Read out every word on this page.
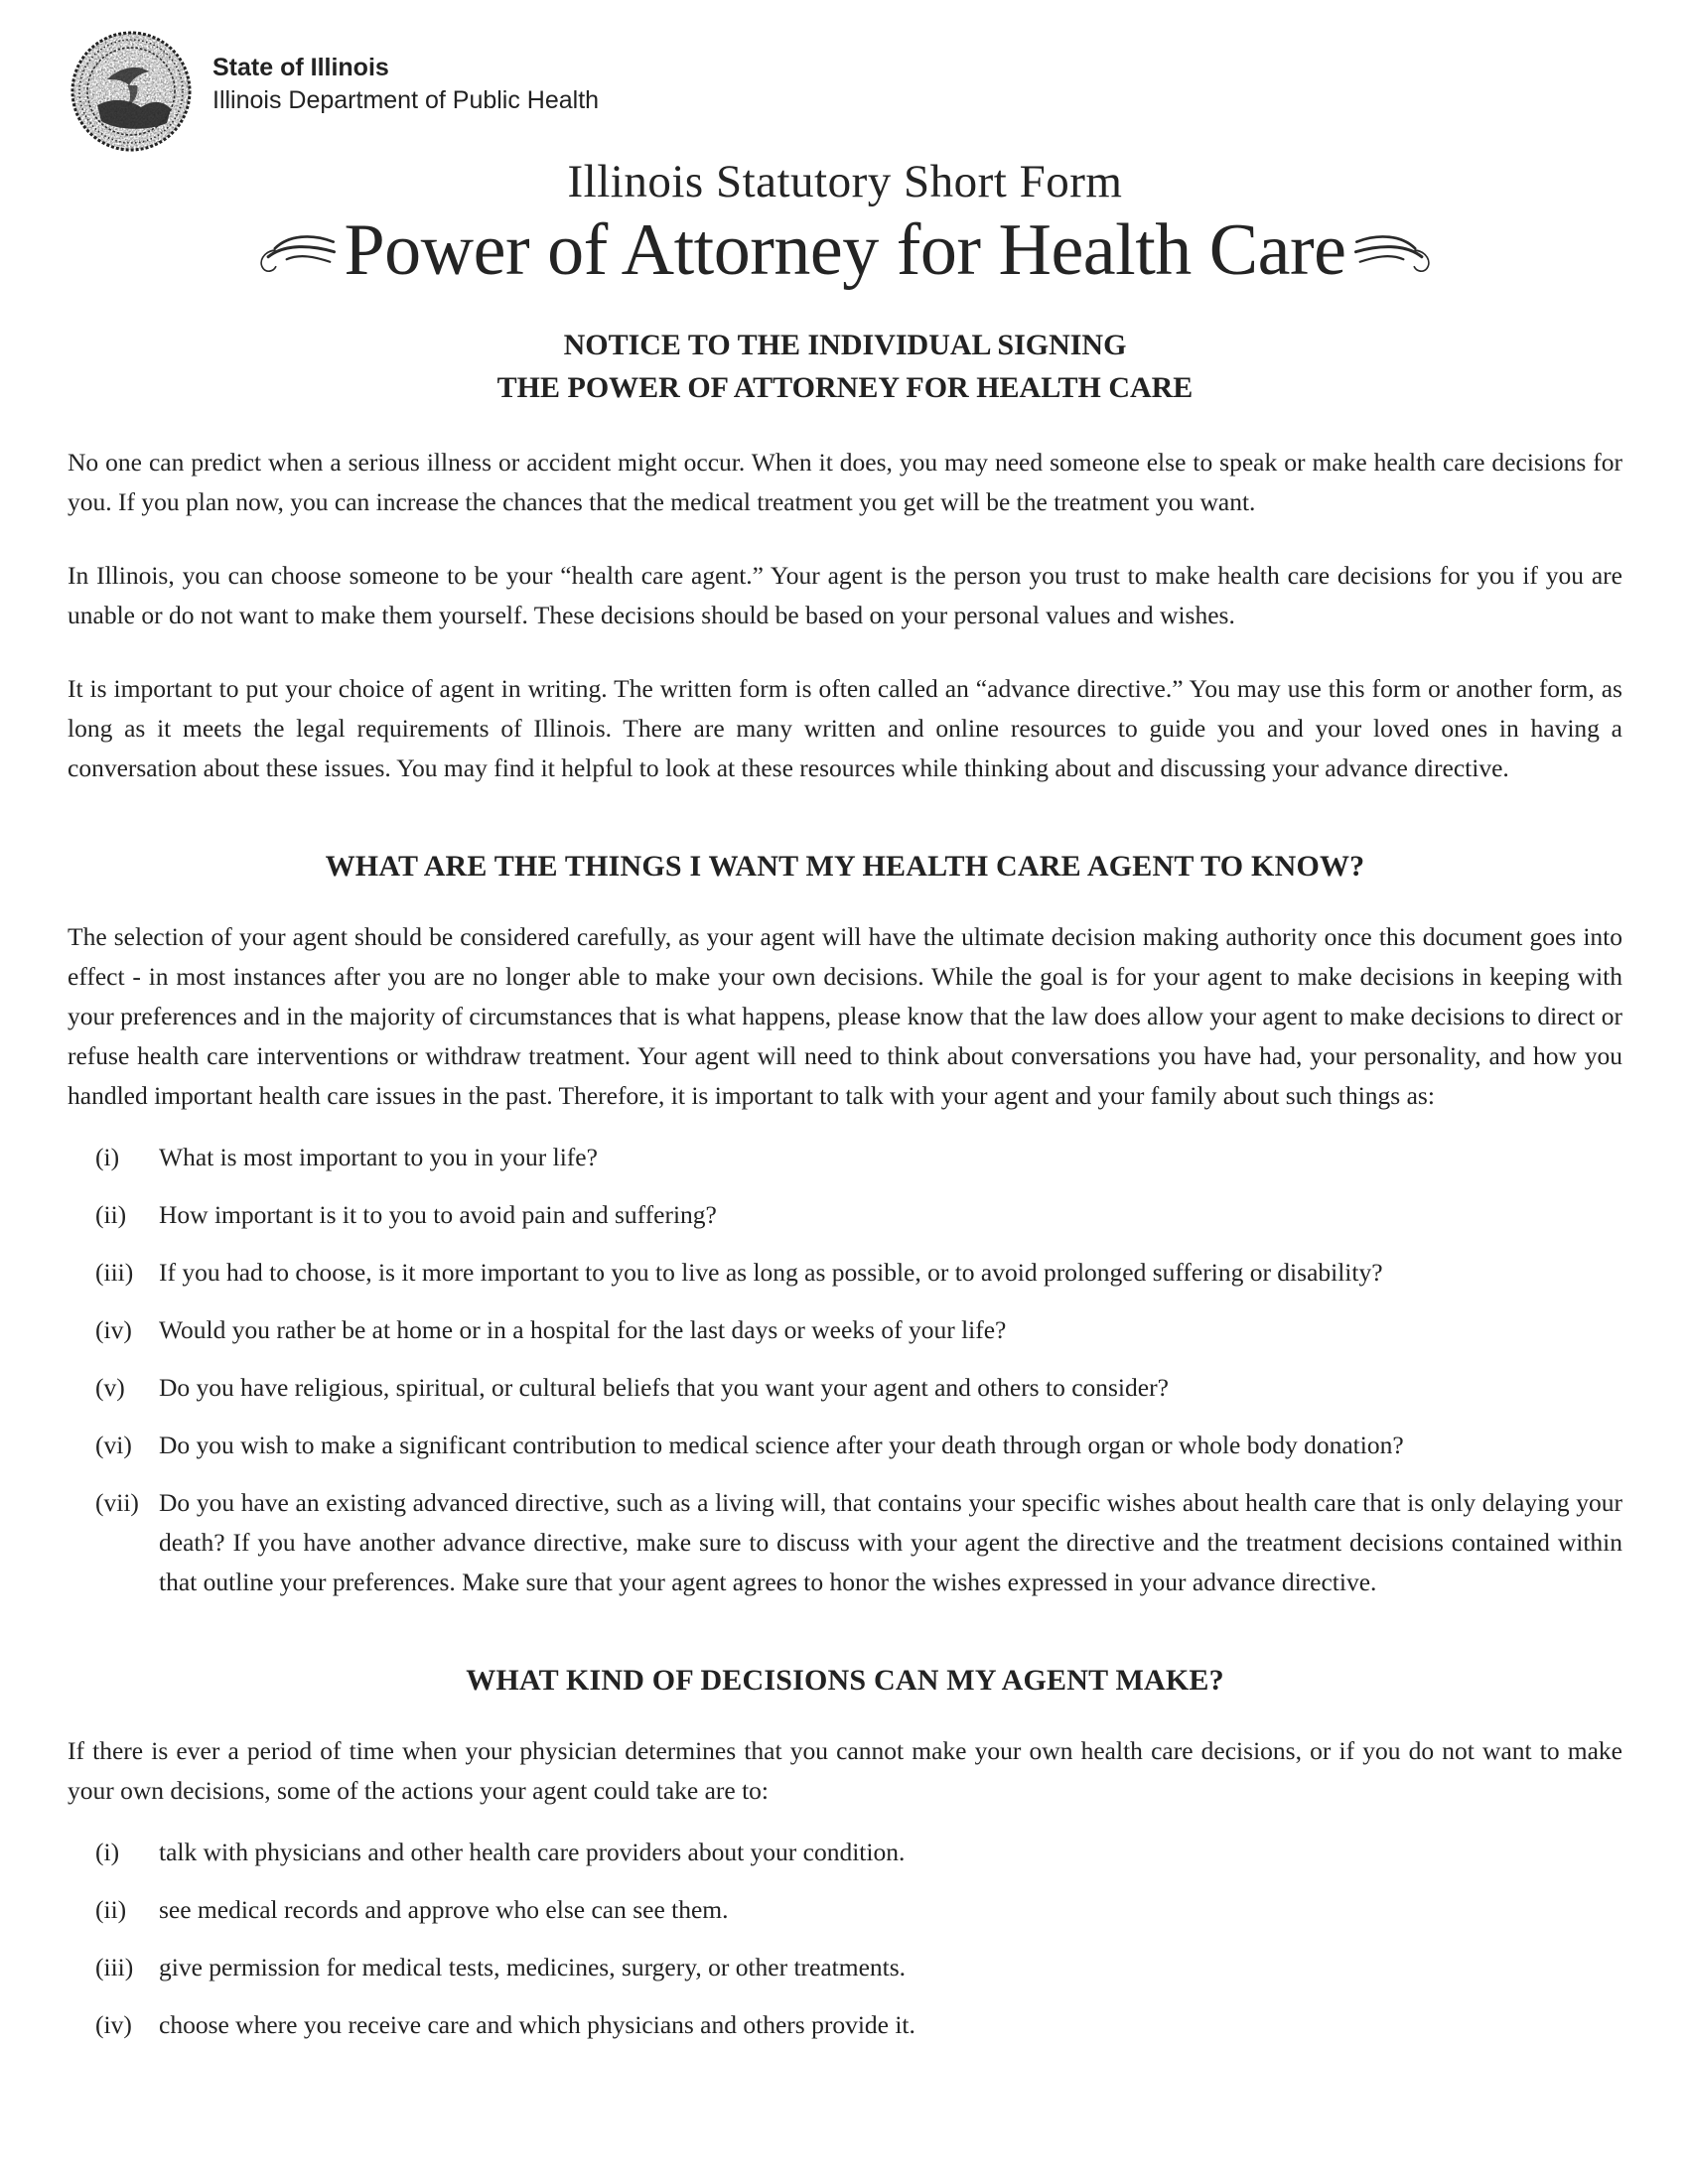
State of Illinois
Illinois Department of Public Health
Illinois Statutory Short Form
Power of Attorney for Health Care
NOTICE TO THE INDIVIDUAL SIGNING
THE POWER OF ATTORNEY FOR HEALTH CARE

No one can predict when a serious illness or accident might occur. When it does, you may need someone else to speak or make health care decisions for you. If you plan now, you can increase the chances that the medical treatment you get will be the treatment you want.

In Illinois, you can choose someone to be your “health care agent.” Your agent is the person you trust to make health care decisions for you if you are unable or do not want to make them yourself. These decisions should be based on your personal values and wishes.

It is important to put your choice of agent in writing. The written form is often called an “advance directive.” You may use this form or another form, as long as it meets the legal requirements of Illinois. There are many written and online resources to guide you and your loved ones in having a conversation about these issues. You may find it helpful to look at these resources while thinking about and discussing your advance directive.

WHAT ARE THE THINGS I WANT MY HEALTH CARE AGENT TO KNOW?

The selection of your agent should be considered carefully, as your agent will have the ultimate decision making authority once this document goes into effect - in most instances after you are no longer able to make your own decisions. While the goal is for your agent to make decisions in keeping with your preferences and in the majority of circumstances that is what happens, please know that the law does allow your agent to make decisions to direct or refuse health care interventions or withdraw treatment. Your agent will need to think about conversations you have had, your personality, and how you handled important health care issues in the past. Therefore, it is important to talk with your agent and your family about such things as:

(i)	What is most important to you in your life?
(ii)	How important is it to you to avoid pain and suffering?
(iii)	If you had to choose, is it more important to you to live as long as possible, or to avoid prolonged suffering or disability?
(iv)	Would you rather be at home or in a hospital for the last days or weeks of your life?
(v)	Do you have religious, spiritual, or cultural beliefs that you want your agent and others to consider?
(vi)	Do you wish to make a significant contribution to medical science after your death through organ or whole body donation?
(vii) Do you have an existing advanced directive, such as a living will, that contains your specific wishes about health care that is only delaying your death? If you have another advance directive, make sure to discuss with your agent the directive and the treatment decisions contained within that outline your preferences. Make sure that your agent agrees to honor the wishes expressed in your advance directive.
WHAT KIND OF DECISIONS CAN MY AGENT MAKE?

If there is ever a period of time when your physician determines that you cannot make your own health care decisions, or if you do not want to make your own decisions, some of the actions your agent could take are to:

(i)	talk with physicians and other health care providers about your condition.
(ii)	see medical records and approve who else can see them.
(iii)	give permission for medical tests, medicines, surgery, or other treatments.
(iv)	choose where you receive care and which physicians and others provide it.
